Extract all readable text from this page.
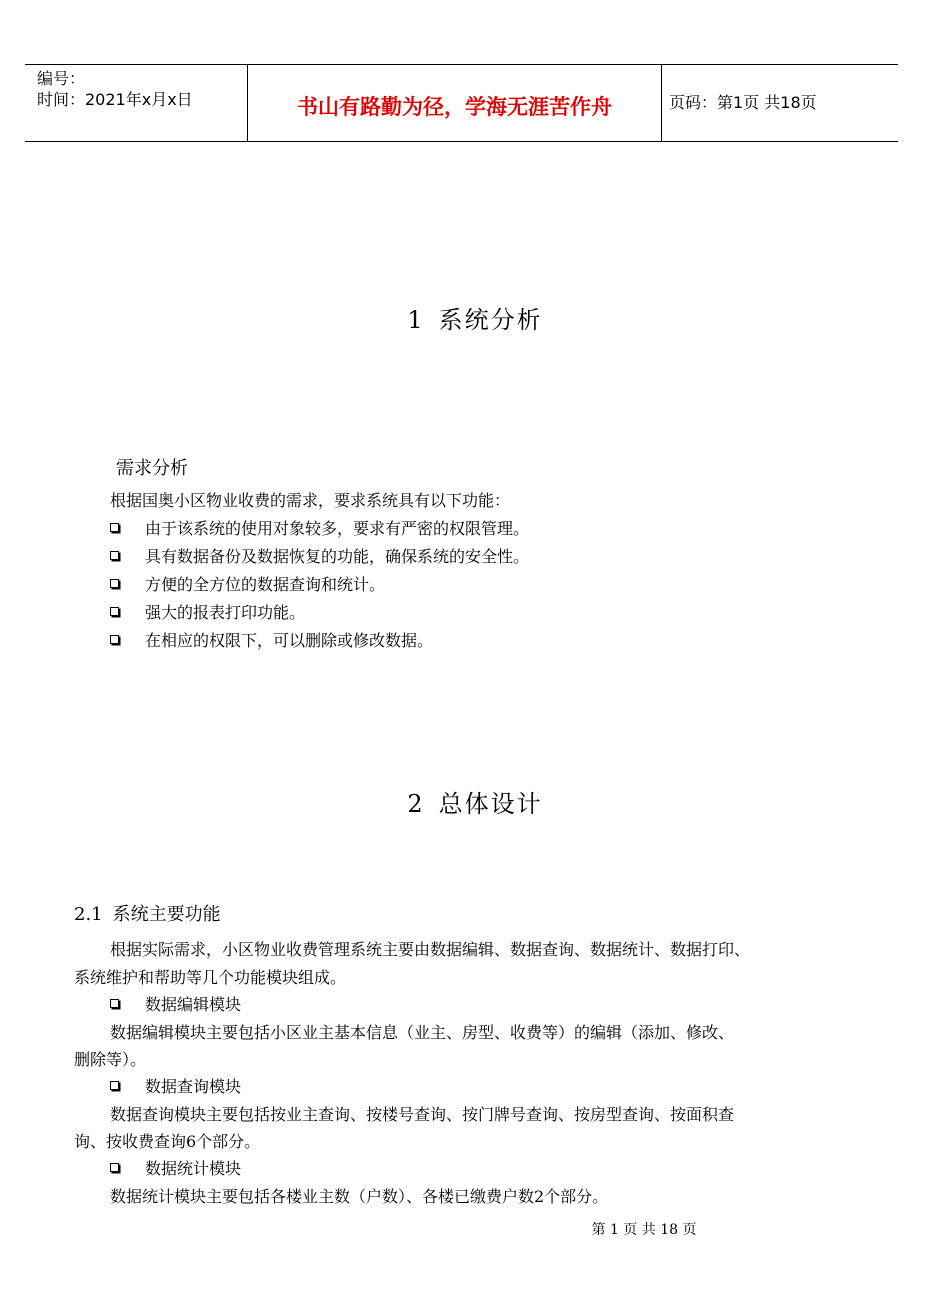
编号：
时间：2021年x月x日	书山有路勤为径，学海无涯苦作舟	页码：第1页 共18页
1 系统分析
需求分析
根据国奥小区物业收费的需求，要求系统具有以下功能：
由于该系统的使用对象较多，要求有严密的权限管理。
具有数据备份及数据恢复的功能，确保系统的安全性。
方便的全方位的数据查询和统计。
强大的报表打印功能。
在相应的权限下，可以删除或修改数据。
2 总体设计
2.1 系统主要功能
根据实际需求，小区物业收费管理系统主要由数据编辑、数据查询、数据统计、数据打印、
系统维护和帮助等几个功能模块组成。
数据编辑模块
数据编辑模块主要包括小区业主基本信息（业主、房型、收费等）的编辑（添加、修改、
删除等）。
数据查询模块
数据查询模块主要包括按业主查询、按楼号查询、按门牌号查询、按房型查询、按面积查
询、按收费查询6个部分。
数据统计模块
数据统计模块主要包括各楼业主数（户数）、各楼已缴费户数2个部分。
第 1 页 共 18 页
